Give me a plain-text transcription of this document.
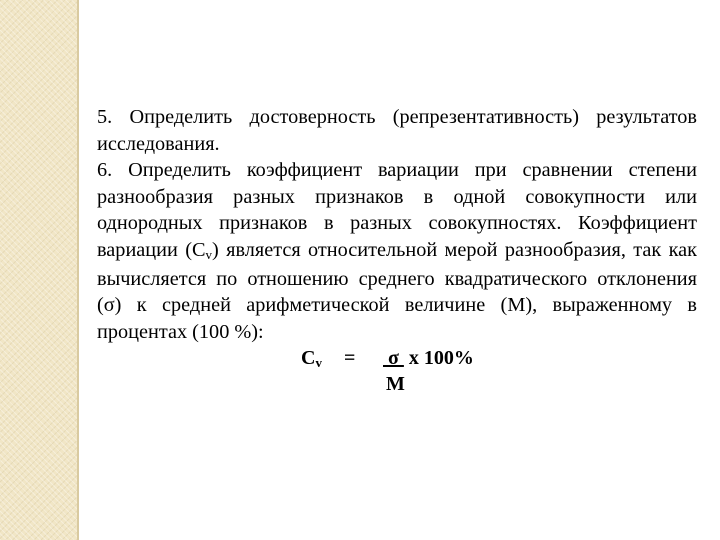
5. Определить достоверность (репрезентативность) результатов исследования.

6. Определить коэффициент вариации при сравнении степени разнообразия разных признаков в одной совокупности или однородных признаков в разных совокупностях. Коэффициент вариации (Cv) является относительной мерой разнообразия, так как вычисляется по отношению среднего квадратического отклонения (σ) к средней арифметической величине (М), выраженному в процентах (100 %):

Cv = σ  х 100%
М
